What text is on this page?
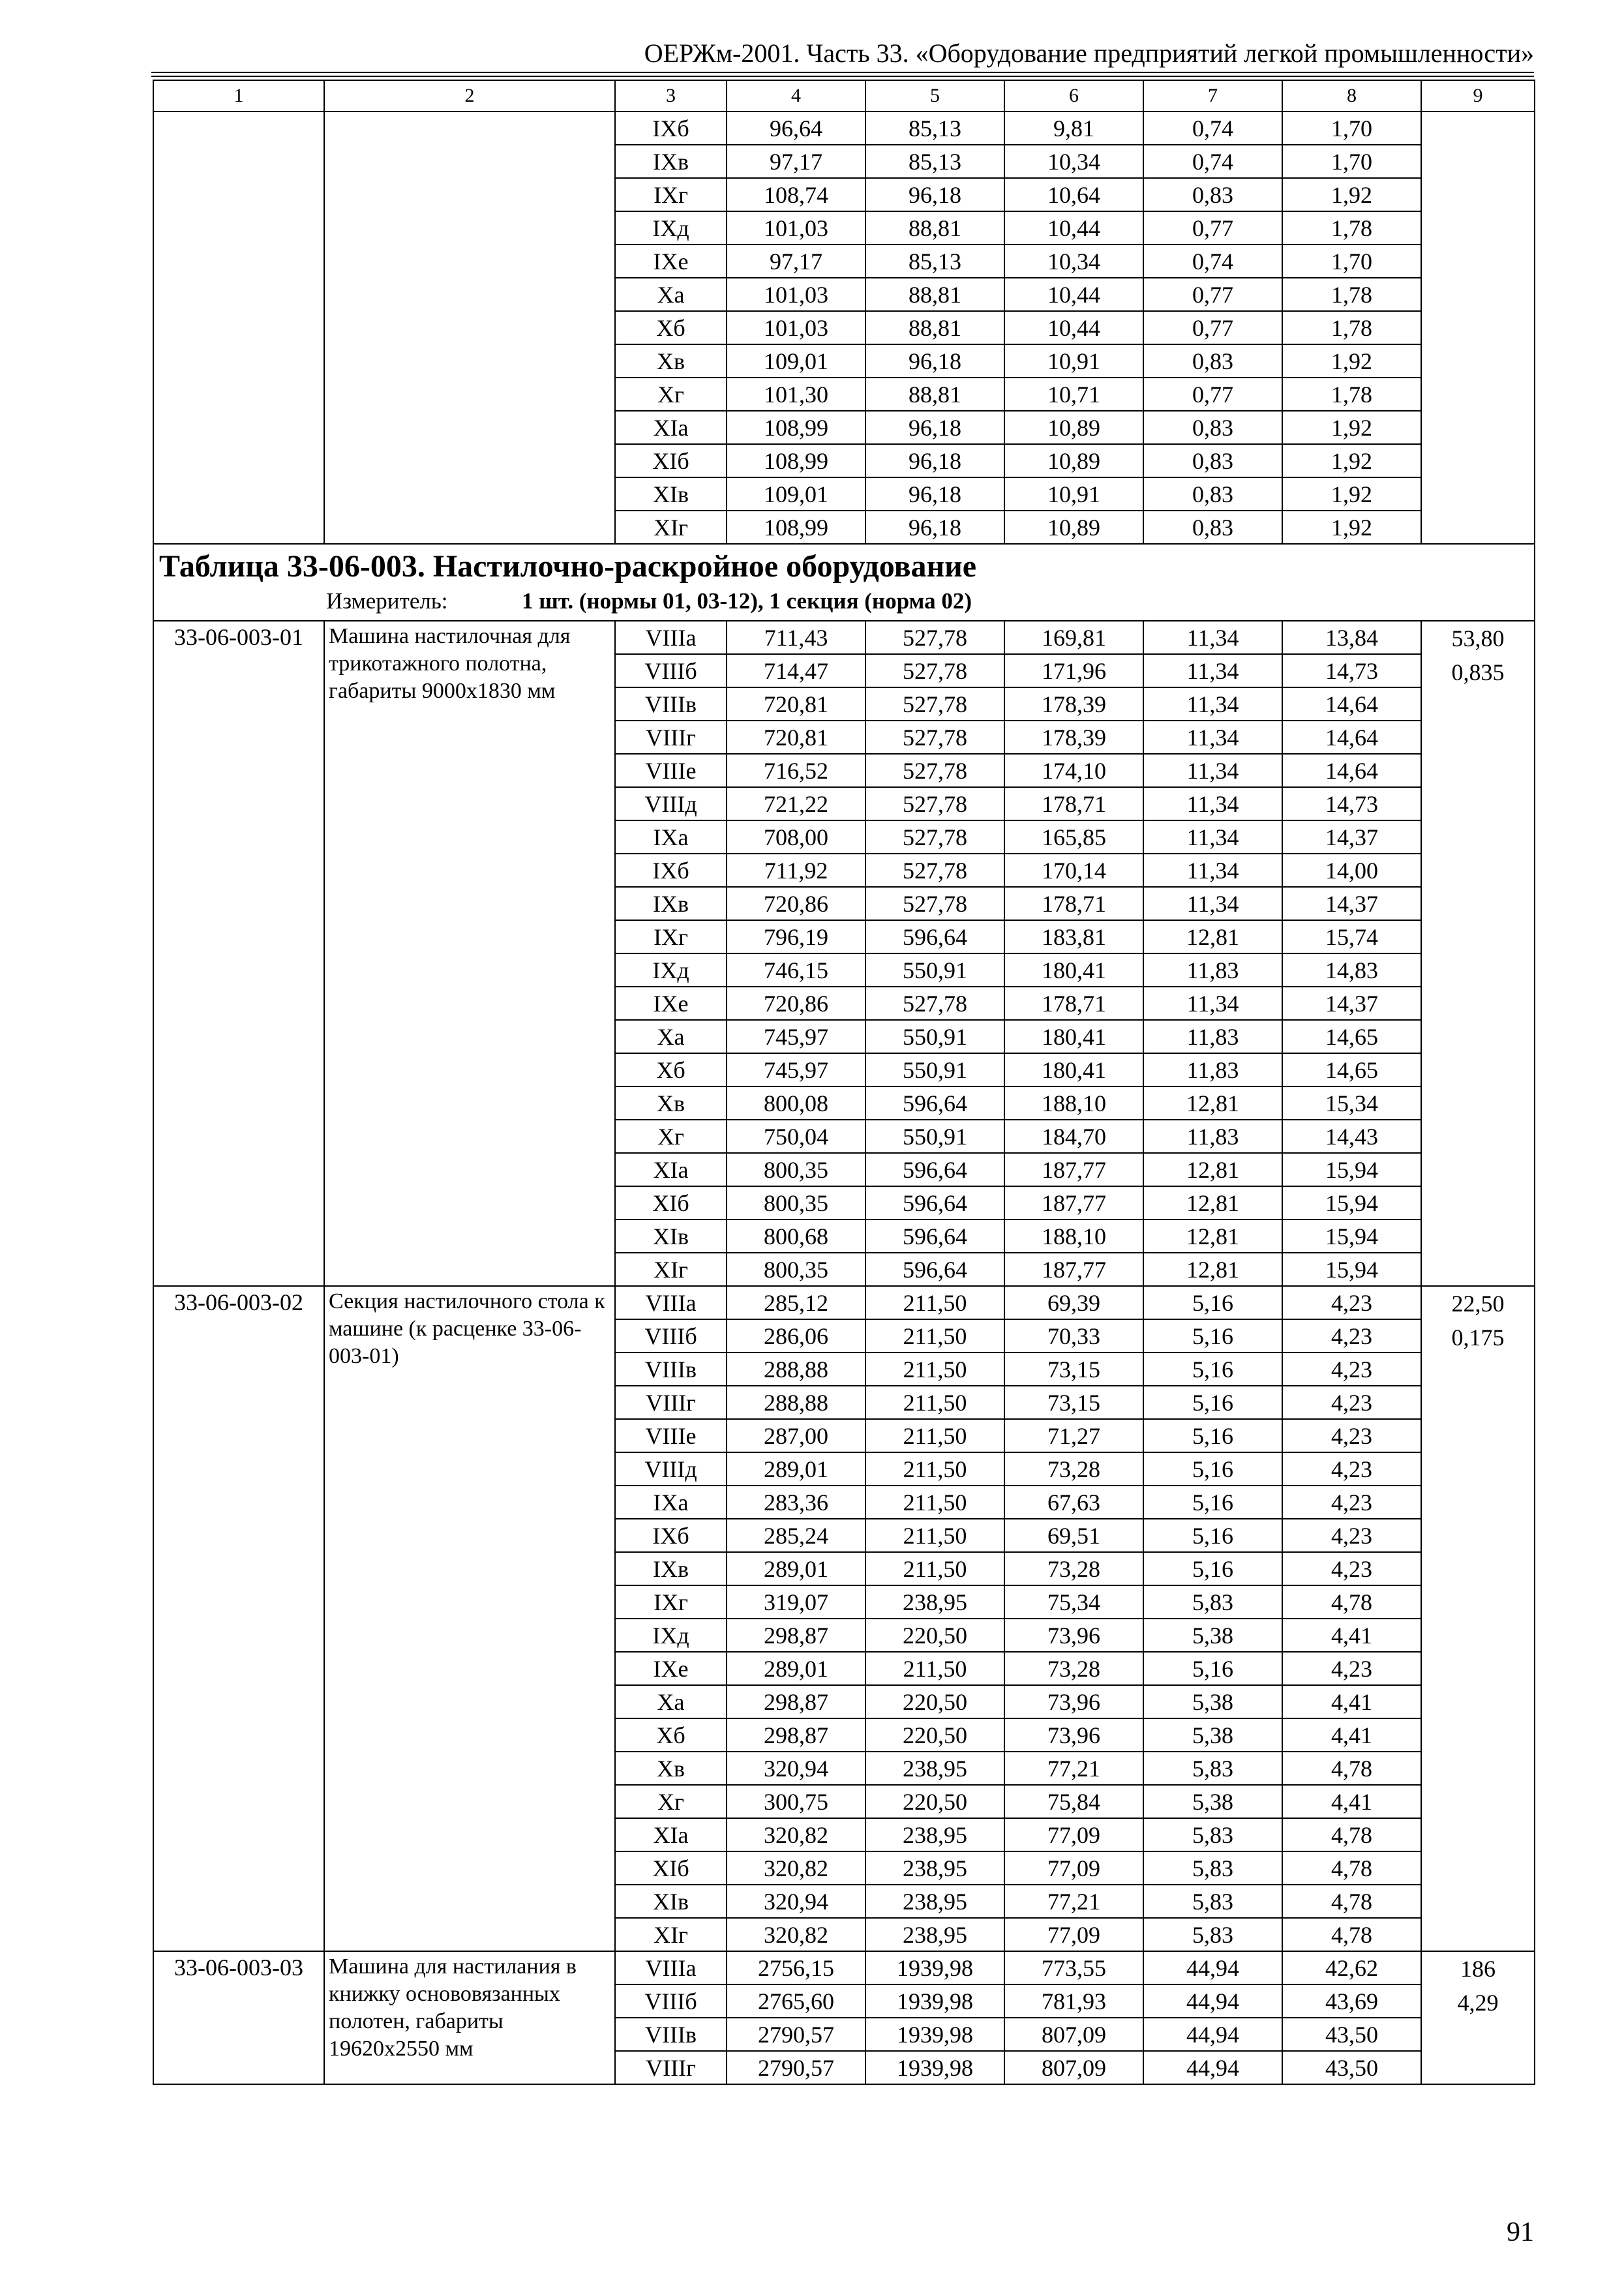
ОЕРЖм-2001. Часть 33. «Оборудование предприятий легкой промышленности»
1	2	3	4	5	6	7	8	9
		IXб	96,64	85,13	9,81	0,74	1,70	
		IXв	97,17	85,13	10,34	0,74	1,70	
		IXг	108,74	96,18	10,64	0,83	1,92	
		IXд	101,03	88,81	10,44	0,77	1,78	
		IXе	97,17	85,13	10,34	0,74	1,70	
		Xа	101,03	88,81	10,44	0,77	1,78	
		Xб	101,03	88,81	10,44	0,77	1,78	
		Xв	109,01	96,18	10,91	0,83	1,92	
		Xг	101,30	88,81	10,71	0,77	1,78	
		XIа	108,99	96,18	10,89	0,83	1,92	
		XIб	108,99	96,18	10,89	0,83	1,92	
		XIв	109,01	96,18	10,91	0,83	1,92	
		XIг	108,99	96,18	10,89	0,83	1,92	

Таблица 33-06-003. Настилочно-раскройное оборудование
Измеритель: 1 шт. (нормы 01, 03-12), 1 секция (норма 02)								

33-06-003-01	Машина настилочная для трикотажного полотна, габариты 9000х1830 мм	VIIIа	711,43	527,78	169,81	11,34	13,84	53,80
0,835

		VIIIб	714,47	527,78	171,96	11,34	14,73	
		VIIIв	720,81	527,78	178,39	11,34	14,64	
		VIIIг	720,81	527,78	178,39	11,34	14,64	
		VIIIе	716,52	527,78	174,10	11,34	14,64	
		VIIIд	721,22	527,78	178,71	11,34	14,73	
		IXа	708,00	527,78	165,85	11,34	14,37	
		IXб	711,92	527,78	170,14	11,34	14,00	
		IXв	720,86	527,78	178,71	11,34	14,37	
		IXг	796,19	596,64	183,81	12,81	15,74	
		IXд	746,15	550,91	180,41	11,83	14,83	
		IXе	720,86	527,78	178,71	11,34	14,37	
		Xа	745,97	550,91	180,41	11,83	14,65	
		Xб	745,97	550,91	180,41	11,83	14,65	
		Xв	800,08	596,64	188,10	12,81	15,34	
		Xг	750,04	550,91	184,70	11,83	14,43	
		XIа	800,35	596,64	187,77	12,81	15,94	
		XIб	800,35	596,64	187,77	12,81	15,94	
		XIв	800,68	596,64	188,10	12,81	15,94	
		XIг	800,35	596,64	187,77	12,81	15,94	
33-06-003-02	Секция настилочного стола к машине (к расценке 33-06-003-01)	VIIIа	285,12	211,50	69,39	5,16	4,23	22,50
0,175

		VIIIб	286,06	211,50	70,33	5,16	4,23	
		VIIIв	288,88	211,50	73,15	5,16	4,23	
		VIIIг	288,88	211,50	73,15	5,16	4,23	
		VIIIе	287,00	211,50	71,27	5,16	4,23	
		VIIIд	289,01	211,50	73,28	5,16	4,23	
		IXа	283,36	211,50	67,63	5,16	4,23	
		IXб	285,24	211,50	69,51	5,16	4,23	
		IXв	289,01	211,50	73,28	5,16	4,23	
		IXг	319,07	238,95	75,34	5,83	4,78	
		IXд	298,87	220,50	73,96	5,38	4,41	
		IXе	289,01	211,50	73,28	5,16	4,23	
		Xа	298,87	220,50	73,96	5,38	4,41	
		Xб	298,87	220,50	73,96	5,38	4,41	
		Xв	320,94	238,95	77,21	5,83	4,78	
		Xг	300,75	220,50	75,84	5,38	4,41	
		XIа	320,82	238,95	77,09	5,83	4,78	
		XIб	320,82	238,95	77,09	5,83	4,78	
		XIв	320,94	238,95	77,21	5,83	4,78	
		XIг	320,82	238,95	77,09	5,83	4,78	
33-06-003-03	Машина для настилания в книжку основовязанных полотен, габариты 19620х2550 мм	VIIIа	2756,15	1939,98	773,55	44,94	42,62	186
4,29

		VIIIб	2765,60	1939,98	781,93	44,94	43,69	
		VIIIв	2790,57	1939,98	807,09	44,94	43,50	
		VIIIг	2790,57	1939,98	807,09	44,94	43,50	
91
